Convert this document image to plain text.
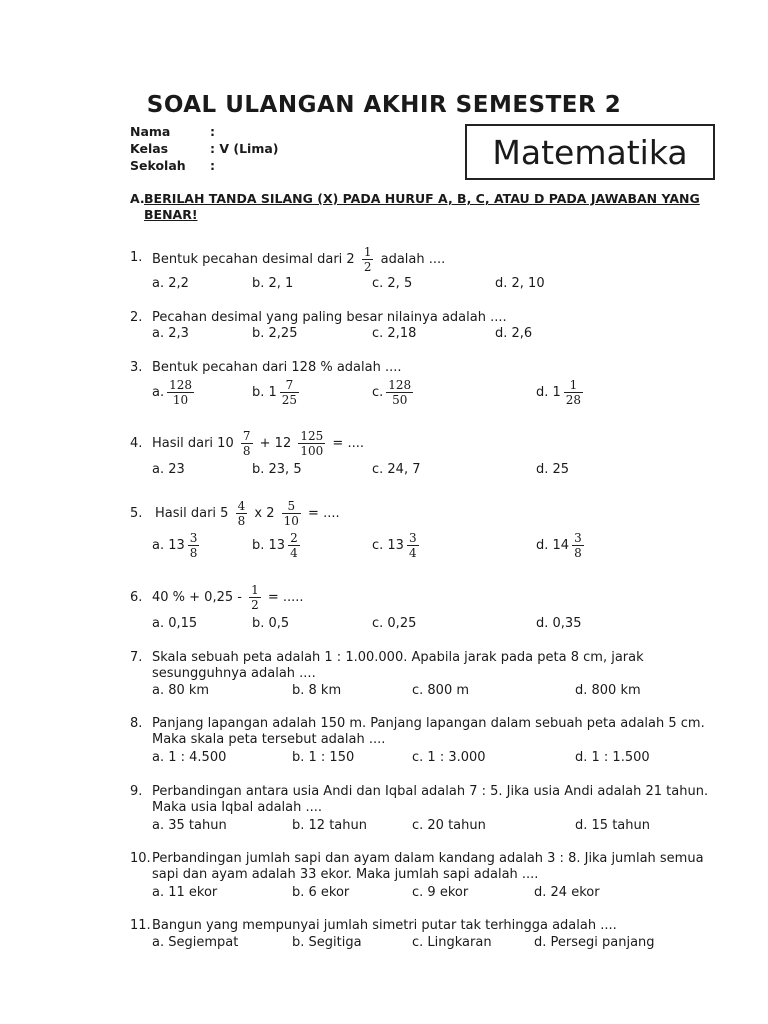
SOAL ULANGAN AKHIR SEMESTER 2
Nama	:
Kelas	: V (Lima)
Sekolah	:	Matematika
A. BERILAH TANDA SILANG (X) PADA HURUF A, B, C, ATAU D PADA JAWABAN YANG BENAR!
1. Bentuk pecahan desimal dari $2 \frac{1}{2}$ adalah ....
a. 2,2	b. 2, 1	c. 2, 5	d. 2, 10
2. Pecahan desimal yang paling besar nilainya adalah ....
a. 2,3	b. 2,25	c. 2,18	d. 2,6
3. Bentuk pecahan dari 128 % adalah ....
a. $\frac{128}{10}$	b. $1 \frac{7}{25}$	c. $\frac{128}{50}$	d. $1 \frac{1}{28}$
4. Hasil dari $10 \frac{7}{8} + 12 \frac{125}{100}$ = ....
a. 23	b. 23, 5	c. 24, 7	d. 25
5. Hasil dari $5 \frac{4}{8}$ x $2 \frac{5}{10}$ = ....
a. $13 \frac{3}{8}$	b. $13 \frac{2}{4}$	c. $13 \frac{3}{4}$	d. $14 \frac{3}{8}$
6. 40 % + $0,25 - \frac{1}{2}$ = .....
a. 0,15	b. 0,5	c. 0,25	d. 0,35
7. Skala sebuah peta adalah 1 : 1.00.000. Apabila jarak pada peta 8 cm, jarak sesungguhnya adalah ....
a. 80 km	b. 8 km	c. 800 m	d. 800 km
8. Panjang lapangan adalah 150 m. Panjang lapangan dalam sebuah peta adalah 5 cm. Maka skala peta tersebut adalah ....
a. 1 : 4.500	b. 1 : 150	c. 1 : 3.000	d. 1 : 1.500
9. Perbandingan antara usia Andi dan Iqbal adalah 7 : 5. Jika usia Andi adalah 21 tahun. Maka usia Iqbal adalah ....
a. 35 tahun	b. 12 tahun	c. 20 tahun	d. 15 tahun
10. Perbandingan jumlah sapi dan ayam dalam kandang adalah 3 : 8. Jika jumlah semua sapi dan ayam adalah 33 ekor. Maka jumlah sapi adalah ....
a. 11 ekor	b. 6 ekor	c. 9 ekor	d. 24 ekor
11. Bangun yang mempunyai jumlah simetri putar tak terhingga adalah ....
a. Segiempat	b. Segitiga	c. Lingkaran	d. Persegi panjang
